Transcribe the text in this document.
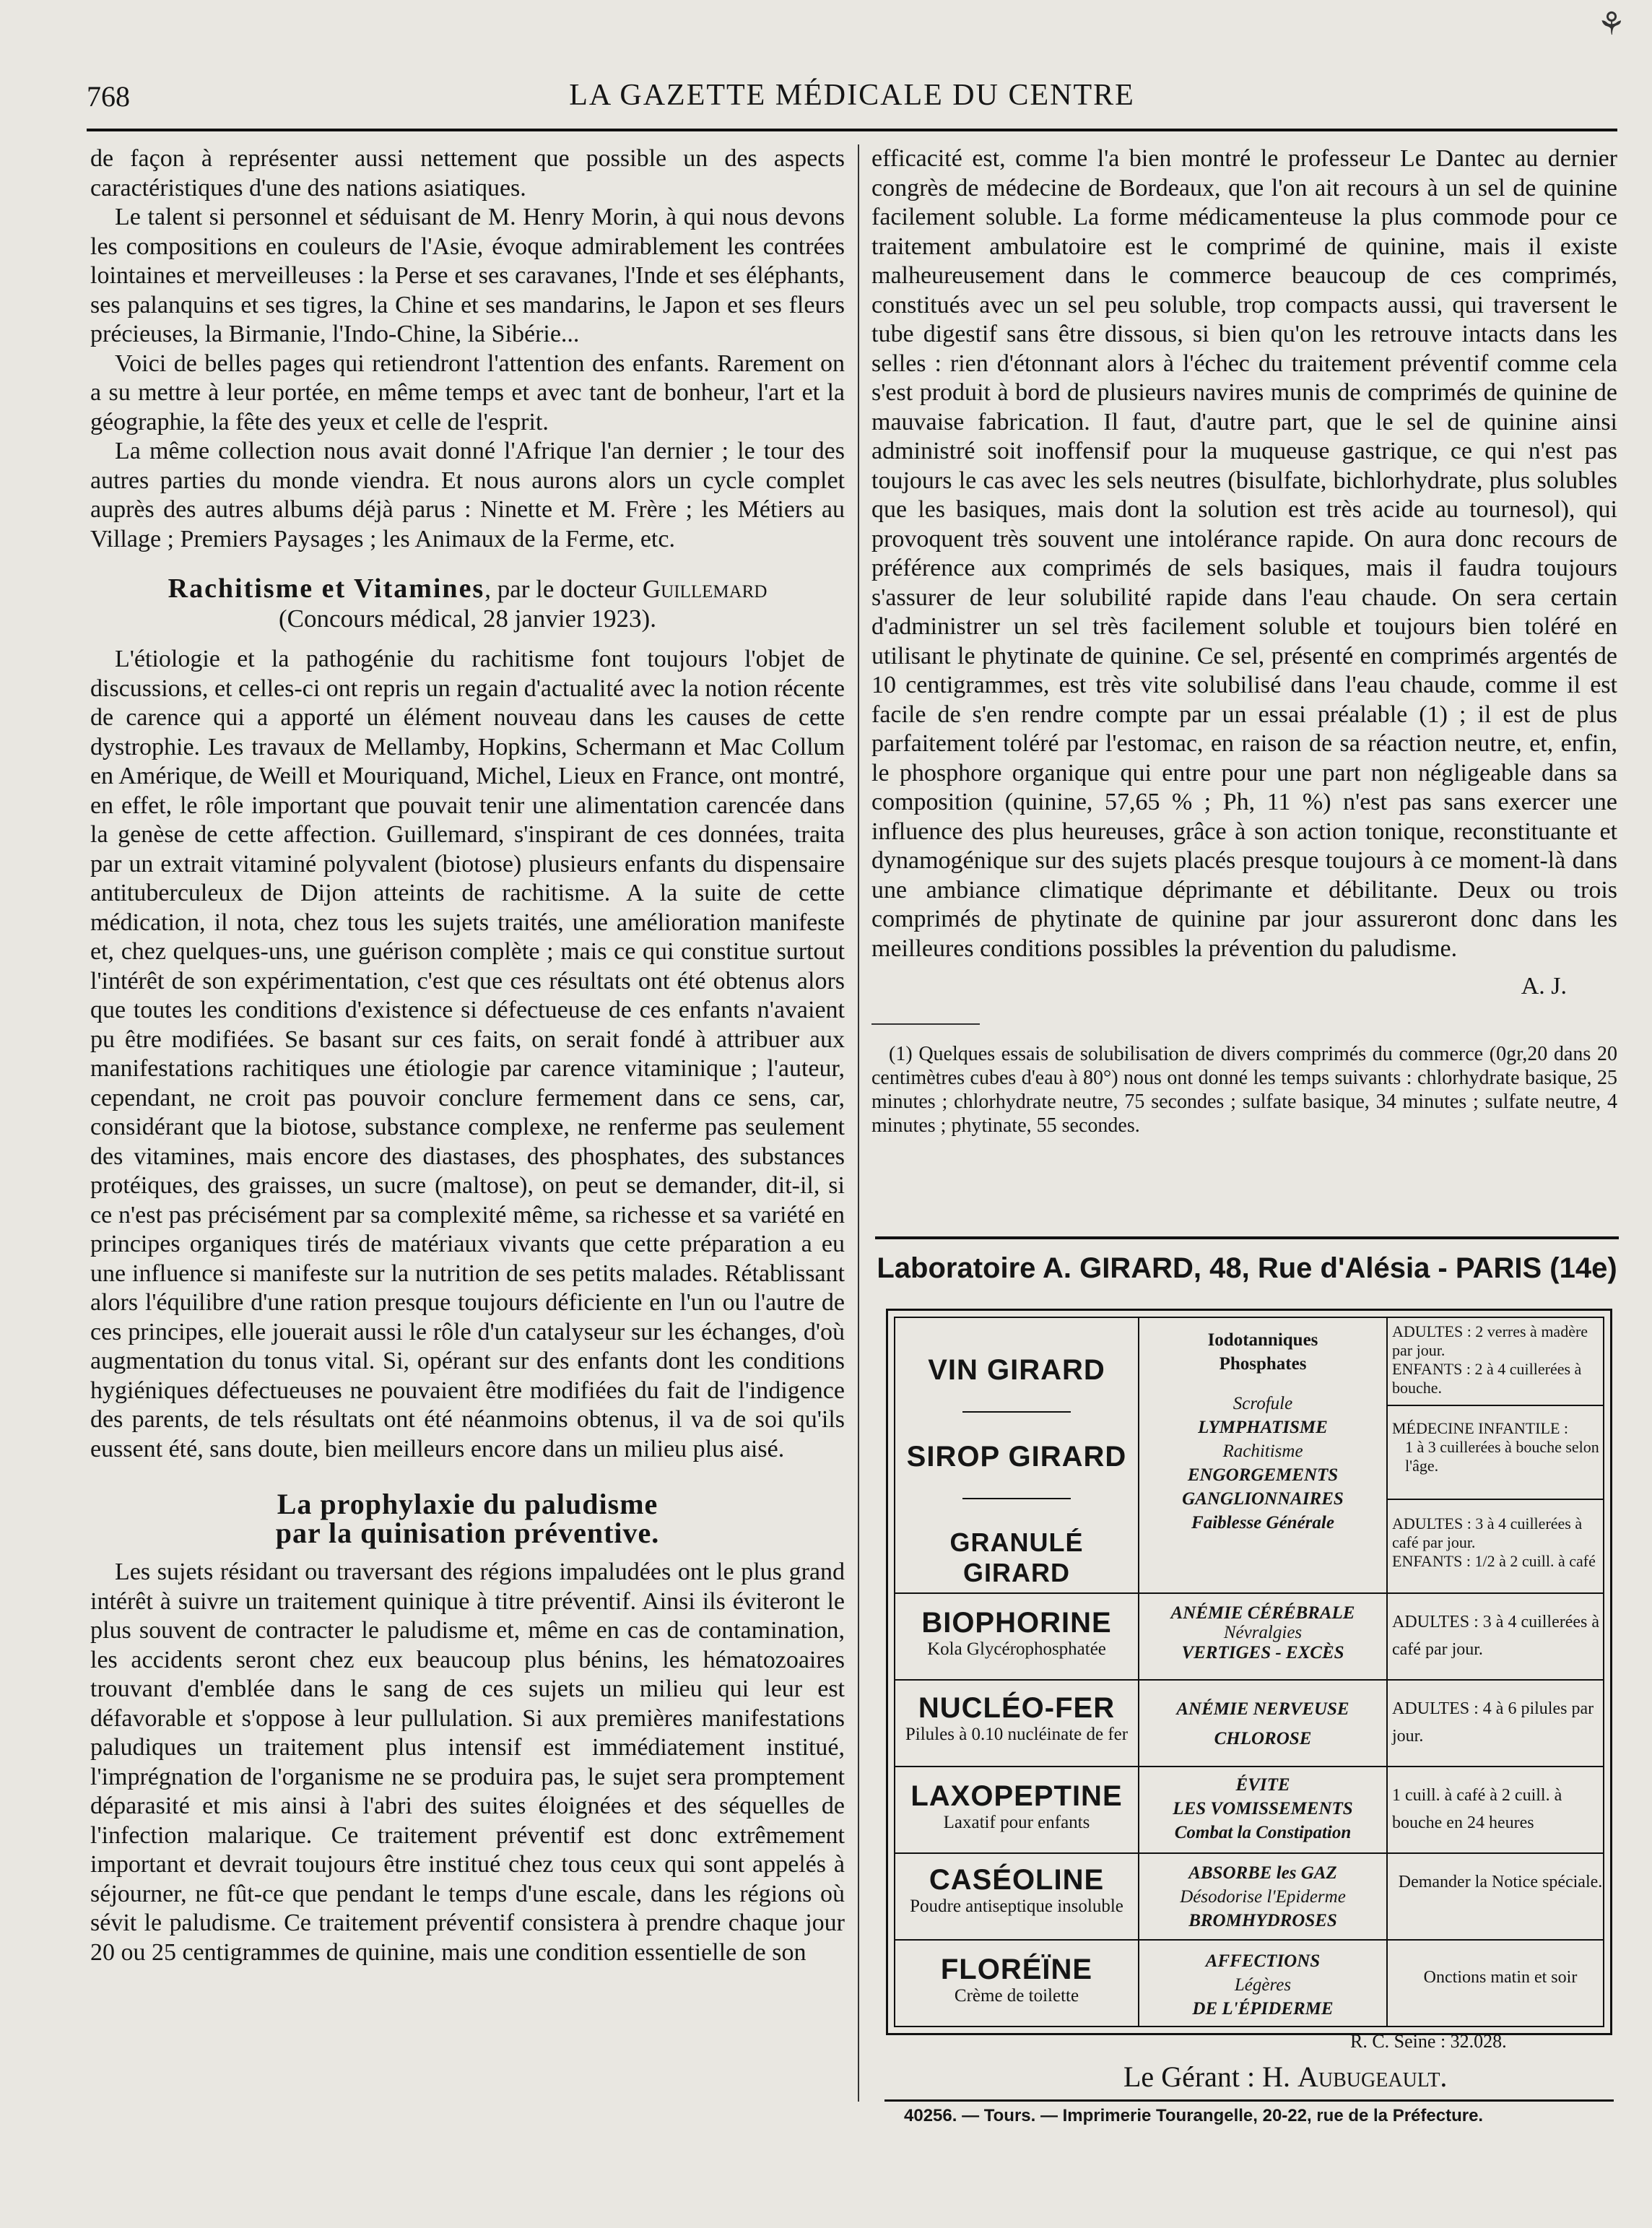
⚘
768	LA GAZETTE MÉDICALE DU CENTRE

de façon à représenter aussi nettement que possible un des aspects caractéristiques d'une des nations asiatiques.

Le talent si personnel et séduisant de M. Henry Morin, à qui nous devons les compositions en couleurs de l'Asie, évoque admirablement les contrées lointaines et merveilleuses : la Perse et ses caravanes, l'Inde et ses éléphants, ses palanquins et ses tigres, la Chine et ses mandarins, le Japon et ses fleurs précieuses, la Birmanie, l'Indo-Chine, la Sibérie...

Voici de belles pages qui retiendront l'attention des enfants. Rarement on a su mettre à leur portée, en même temps et avec tant de bonheur, l'art et la géographie, la fête des yeux et celle de l'esprit.

La même collection nous avait donné l'Afrique l'an dernier ; le tour des autres parties du monde viendra. Et nous aurons alors un cycle complet auprès des autres albums déjà parus : Ninette et M. Frère ; les Métiers au Village ; Premiers Paysages ; les Animaux de la Ferme, etc.

Rachitisme et Vitamines, par le docteur Guillemard

(Concours médical, 28 janvier 1923).

L'étiologie et la pathogénie du rachitisme font toujours l'objet de discussions, et celles-ci ont repris un regain d'actualité avec la notion récente de carence qui a apporté un élément nouveau dans les causes de cette dystrophie. Les travaux de Mellamby, Hopkins, Schermann et Mac Collum en Amérique, de Weill et Mouriquand, Michel, Lieux en France, ont montré, en effet, le rôle important que pouvait tenir une alimentation carencée dans la genèse de cette affection. Guillemard, s'inspirant de ces données, traita par un extrait vitaminé polyvalent (biotose) plusieurs enfants du dispensaire antituberculeux de Dijon atteints de rachitisme. A la suite de cette médication, il nota, chez tous les sujets traités, une amélioration manifeste et, chez quelques-uns, une guérison complète ; mais ce qui constitue surtout l'intérêt de son expérimentation, c'est que ces résultats ont été obtenus alors que toutes les conditions d'existence si défectueuse de ces enfants n'avaient pu être modifiées. Se basant sur ces faits, on serait fondé à attribuer aux manifestations rachitiques une étiologie par carence vitaminique ; l'auteur, cependant, ne croit pas pouvoir conclure fermement dans ce sens, car, considérant que la biotose, substance complexe, ne renferme pas seulement des vitamines, mais encore des diastases, des phosphates, des substances protéiques, des graisses, un sucre (maltose), on peut se demander, dit-il, si ce n'est pas précisément par sa complexité même, sa richesse et sa variété en principes organiques tirés de matériaux vivants que cette préparation a eu une influence si manifeste sur la nutrition de ses petits malades. Rétablissant alors l'équilibre d'une ration presque toujours déficiente en l'un ou l'autre de ces principes, elle jouerait aussi le rôle d'un catalyseur sur les échanges, d'où augmentation du tonus vital. Si, opérant sur des enfants dont les conditions hygiéniques défectueuses ne pouvaient être modifiées du fait de l'indigence des parents, de tels résultats ont été néanmoins obtenus, il va de soi qu'ils eussent été, sans doute, bien meilleurs encore dans un milieu plus aisé.

La prophylaxie du paludisme
par la quinisation préventive.

Les sujets résidant ou traversant des régions impaludées ont le plus grand intérêt à suivre un traitement quinique à titre préventif. Ainsi ils éviteront le plus souvent de contracter le paludisme et, même en cas de contamination, les accidents seront chez eux beaucoup plus bénins, les hématozoaires trouvant d'emblée dans le sang de ces sujets un milieu qui leur est défavorable et s'oppose à leur pullulation. Si aux premières manifestations paludiques un traitement plus intensif est immédiatement institué, l'imprégnation de l'organisme ne se produira pas, le sujet sera promptement déparasité et mis ainsi à l'abri des suites éloignées et des séquelles de l'infection malarique. Ce traitement préventif est donc extrêmement important et devrait toujours être institué chez tous ceux qui sont appelés à séjourner, ne fût-ce que pendant le temps d'une escale, dans les régions où sévit le paludisme. Ce traitement préventif consistera à prendre chaque jour 20 ou 25 centigrammes de quinine, mais une condition essentielle de son

efficacité est, comme l'a bien montré le professeur Le Dantec au dernier congrès de médecine de Bordeaux, que l'on ait recours à un sel de quinine facilement soluble. La forme médicamenteuse la plus commode pour ce traitement ambulatoire est le comprimé de quinine, mais il existe malheureusement dans le commerce beaucoup de ces comprimés, constitués avec un sel peu soluble, trop compacts aussi, qui traversent le tube digestif sans être dissous, si bien qu'on les retrouve intacts dans les selles : rien d'étonnant alors à l'échec du traitement préventif comme cela s'est produit à bord de plusieurs navires munis de comprimés de quinine de mauvaise fabrication. Il faut, d'autre part, que le sel de quinine ainsi administré soit inoffensif pour la muqueuse gastrique, ce qui n'est pas toujours le cas avec les sels neutres (bisulfate, bichlorhydrate, plus solubles que les basiques, mais dont la solution est très acide au tournesol), qui provoquent très souvent une intolérance rapide. On aura donc recours de préférence aux comprimés de sels basiques, mais il faudra toujours s'assurer de leur solubilité rapide dans l'eau chaude. On sera certain d'administrer un sel très facilement soluble et toujours bien toléré en utilisant le phytinate de quinine. Ce sel, présenté en comprimés argentés de 10 centigrammes, est très vite solubilisé dans l'eau chaude, comme il est facile de s'en rendre compte par un essai préalable (1) ; il est de plus parfaitement toléré par l'estomac, en raison de sa réaction neutre, et, enfin, le phosphore organique qui entre pour une part non négligeable dans sa composition (quinine, 57,65 % ; Ph, 11 %) n'est pas sans exercer une influence des plus heureuses, grâce à son action tonique, reconstituante et dynamogénique sur des sujets placés presque toujours à ce moment-là dans une ambiance climatique déprimante et débilitante. Deux ou trois comprimés de phytinate de quinine par jour assureront donc dans les meilleures conditions possibles la prévention du paludisme.

A. J.

(1) Quelques essais de solubilisation de divers comprimés du commerce (0gr,20 dans 20 centimètres cubes d'eau à 80°) nous ont donné les temps suivants : chlorhydrate basique, 25 minutes ; chlorhydrate neutre, 75 secondes ; sulfate basique, 34 minutes ; sulfate neutre, 4 minutes ; phytinate, 55 secondes.

Laboratoire A. GIRARD, 48, Rue d'Alésia - PARIS (14e)
VIN GIRARD
SIROP GIRARD
GRANULÉ GIRARD
BIOPHORINE
Kola Glycérophosphatée
NUCLÉO-FER
Pilules à 0.10 nucléinate de fer
LAXOPEPTINE
Laxatif pour enfants
CASÉOLINE
Poudre antiseptique insoluble
FLORÉÏNE
Crème de toilette
Iodotanniques
Phosphates
Scrofule
LYMPHATISME
Rachitisme
ENGORGEMENTS
GANGLIONNAIRES
Faiblesse Générale
ANÉMIE CÉRÉBRALE
Névralgies
VERTIGES - EXCÈS
ANÉMIE NERVEUSE
CHLOROSE
ÉVITE
LES VOMISSEMENTS
Combat la Constipation
ABSORBE les GAZ
Désodorise l'Epiderme
BROMHYDROSES
AFFECTIONS
Légères
DE L'ÉPIDERME
ADULTES : 2 verres à madère par jour.
ENFANTS : 2 à 4 cuillerées à bouche.
MÉDECINE INFANTILE :
1 à 3 cuillerées à bouche selon l'âge.
ADULTES : 3 à 4 cuillerées à café par jour.
ENFANTS : 1/2 à 2 cuill. à café
ADULTES : 3 à 4 cuillerées à café par jour.
ADULTES : 4 à 6 pilules par jour.
1 cuill. à café à 2 cuill. à bouche en 24 heures
Demander la Notice spéciale.
Onctions matin et soir
R. C. Seine : 32.028.
Le Gérant : H. Aubugeault.
40256. — Tours. — Imprimerie Tourangelle, 20-22, rue de la Préfecture.
